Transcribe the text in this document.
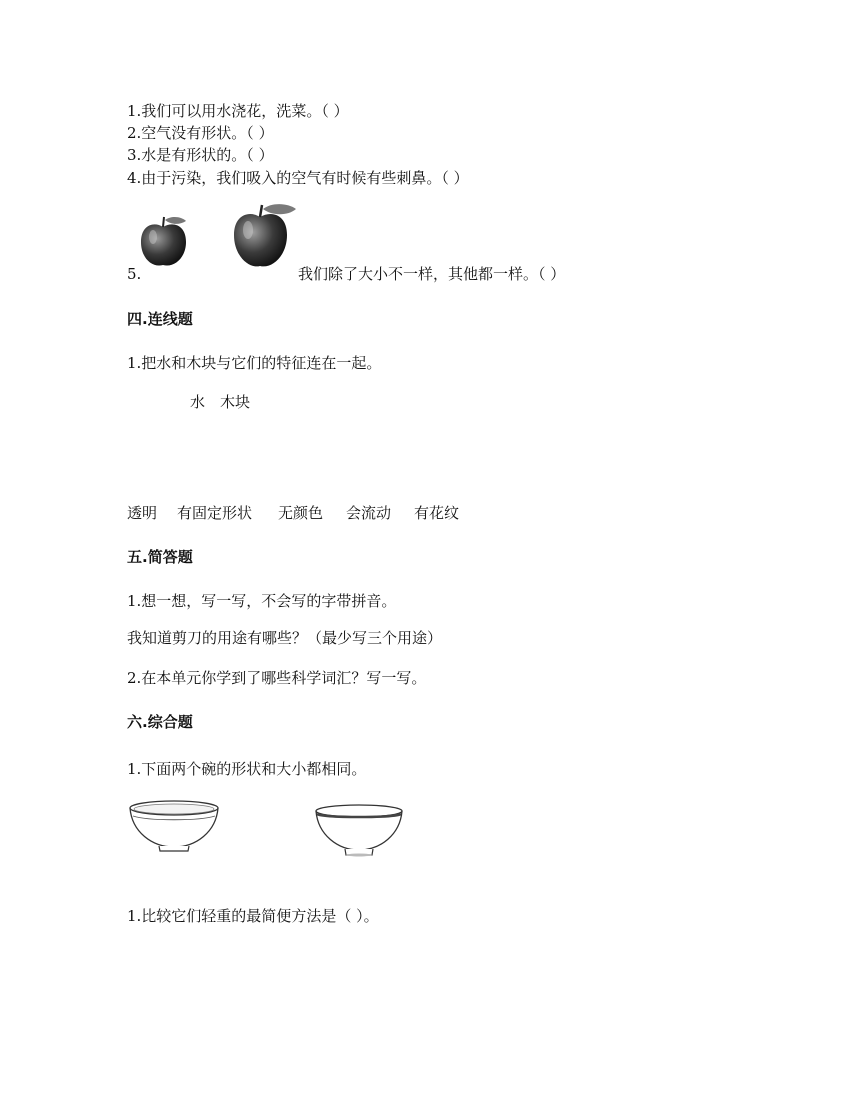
1.我们可以用水浇花，洗菜。（ ）
2.空气没有形状。（ ）
3.水是有形状的。（ ）
4.由于污染，我们吸入的空气有时候有些刺鼻。（ ）
5.	我们除了大小不一样，其他都一样。（ ）
四.连线题
1.把水和木块与它们的特征连在一起。
水 木块
透明 有固定形状 无颜色 会流动 有花纹
五.简答题
1.想一想，写一写，不会写的字带拼音。
我知道剪刀的用途有哪些？（最少写三个用途）
2.在本单元你学到了哪些科学词汇？写一写。
六.综合题
1.下面两个碗的形状和大小都相同。
1.比较它们轻重的最简便方法是（ ）。
